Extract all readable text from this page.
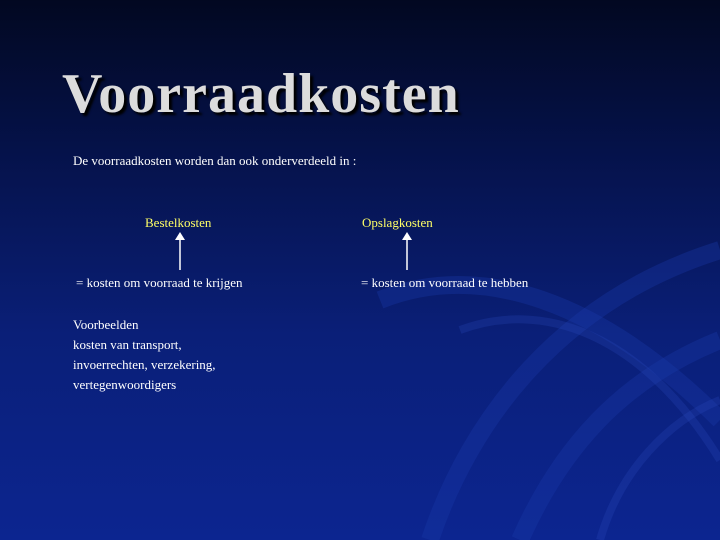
Voorraadkosten
De voorraadkosten worden dan ook onderverdeeld in :
Bestelkosten	Opslagkosten
= kosten om voorraad te krijgen	= kosten om voorraad te hebben
Voorbeelden
kosten van transport,
invoerrechten, verzekering,
vertegenwoordigers
